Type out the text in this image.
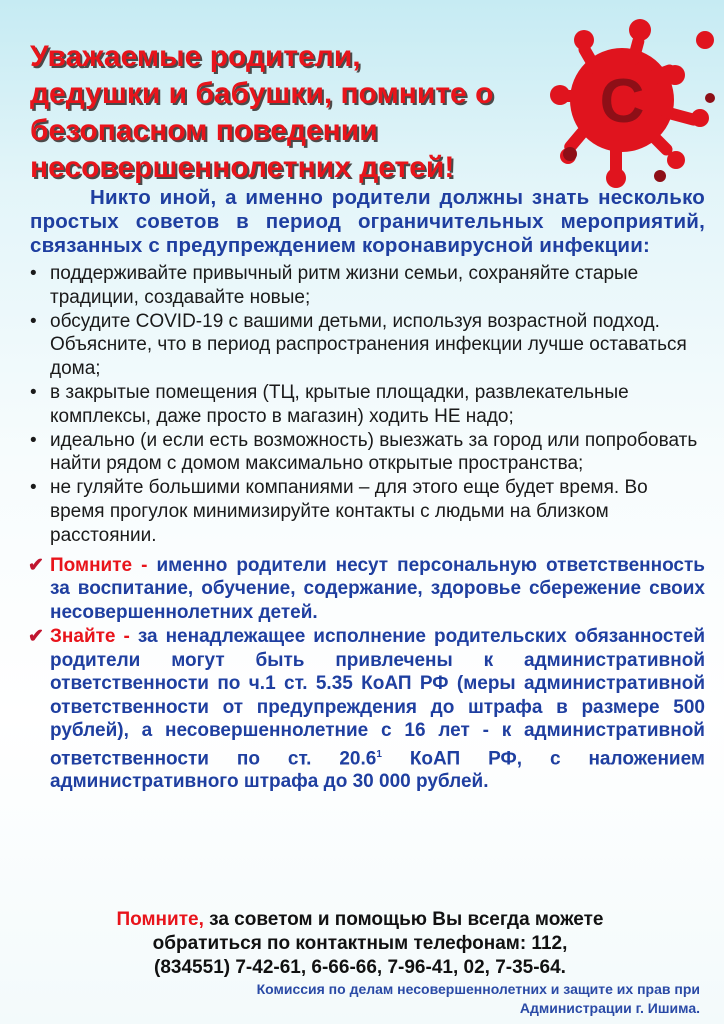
C
Уважаемые родители,
дедушки и бабушки, помните о
безопасном поведении
несовершеннолетних детей!

Никто иной, а именно родители должны знать несколько простых советов в период ограничительных мероприятий, связанных с предупреждением коронавирусной инфекции:

• поддерживайте привычный ритм жизни семьи, сохраняйте старые традиции, создавайте новые;
• обсудите COVID-19 с вашими детьми, используя возрастной подход. Объясните, что в период распространения инфекции лучше оставаться дома;
• в закрытые помещения (ТЦ, крытые площадки, развлекательные комплексы, даже просто в магазин) ходить НЕ надо;
• идеально (и если есть возможность) выезжать за город или попробовать найти рядом с домом максимально открытые пространства;
• не гуляйте большими компаниями – для этого еще будет время. Во время прогулок минимизируйте контакты с людьми на близком расстоянии.
✔ Помните - именно родители несут персональную ответственность за воспитание, обучение, содержание, здоровье сбережение своих несовершеннолетних детей.
✔ Знайте - за ненадлежащее исполнение родительских обязанностей родители могут быть привлечены к административной ответственности по ч.1 ст. 5.35 КоАП РФ (меры административной ответственности от предупреждения до штрафа в размере 500 рублей), а несовершеннолетние с 16 лет - к административной ответственности по ст. 20.6$^1$ КоАП РФ, с наложением административного штрафа до 30 000 рублей.
Помните, за советом и помощью Вы всегда можете
обратиться по контактным телефонам: 112,
(834551) 7-42-61, 6-66-66, 7-96-41, 02, 7-35-64.
Комиссия по делам несовершеннолетних и защите их прав при
Администрации г. Ишима.
